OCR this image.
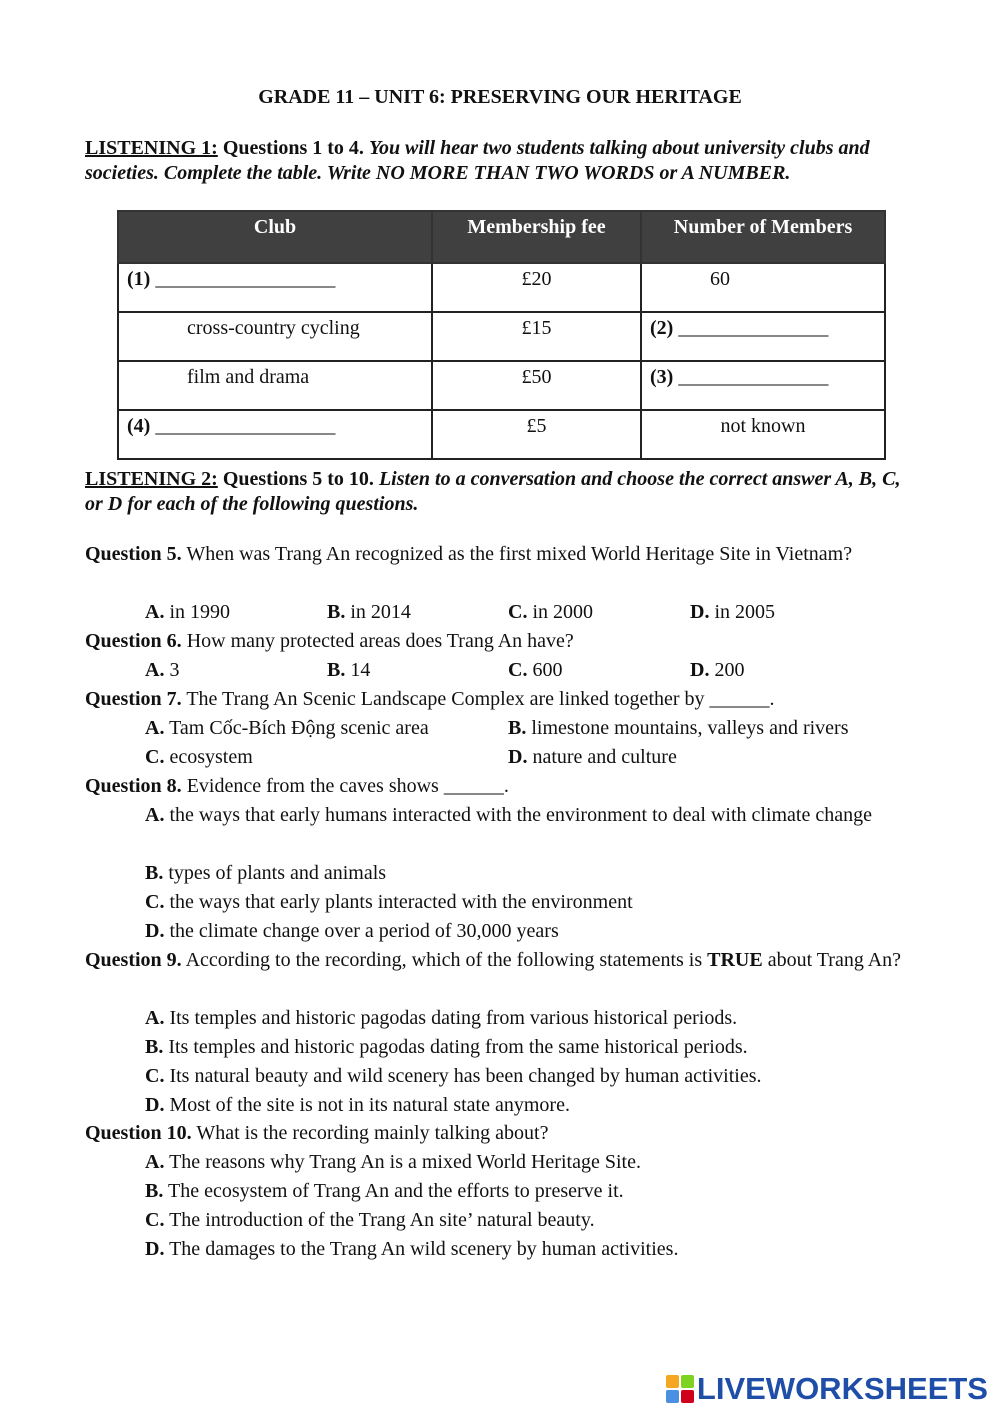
GRADE 11 – UNIT 6: PRESERVING OUR HERITAGE
LISTENING 1: Questions 1 to 4. You will hear two students talking about university clubs and societies. Complete the table. Write NO MORE THAN TWO WORDS or A NUMBER.
Club	Membership fee	Number of Members
(1) __________________	£20	60
cross-country cycling	£15	(2) _______________
film and drama	£50	(3) _______________
(4) __________________	£5	not known
LISTENING 2: Questions 5 to 10. Listen to a conversation and choose the correct answer A, B, C, or D for each of the following questions.
Question 5. When was Trang An recognized as the first mixed World Heritage Site in Vietnam?
A. in 1990	B. in 2014	C. in 2000	D. in 2005
Question 6. How many protected areas does Trang An have?
A. 3	B. 14	C. 600	D. 200
Question 7. The Trang An Scenic Landscape Complex are linked together by ______.
A. Tam Cốc-Bích Động scenic area	B. limestone mountains, valleys and rivers
C. ecosystem	D. nature and culture
Question 8. Evidence from the caves shows ______.
A. the ways that early humans interacted with the environment to deal with climate change
B. types of plants and animals
C. the ways that early plants interacted with the environment
D. the climate change over a period of 30,000 years
Question 9. According to the recording, which of the following statements is TRUE about Trang An?
A. Its temples and historic pagodas dating from various historical periods.
B. Its temples and historic pagodas dating from the same historical periods.
C. Its natural beauty and wild scenery has been changed by human activities.
D. Most of the site is not in its natural state anymore.
Question 10. What is the recording mainly talking about?
A. The reasons why Trang An is a mixed World Heritage Site.
B. The ecosystem of Trang An and the efforts to preserve it.
C. The introduction of the Trang An site’ natural beauty.
D. The damages to the Trang An wild scenery by human activities.
LIVEWORKSHEETS
